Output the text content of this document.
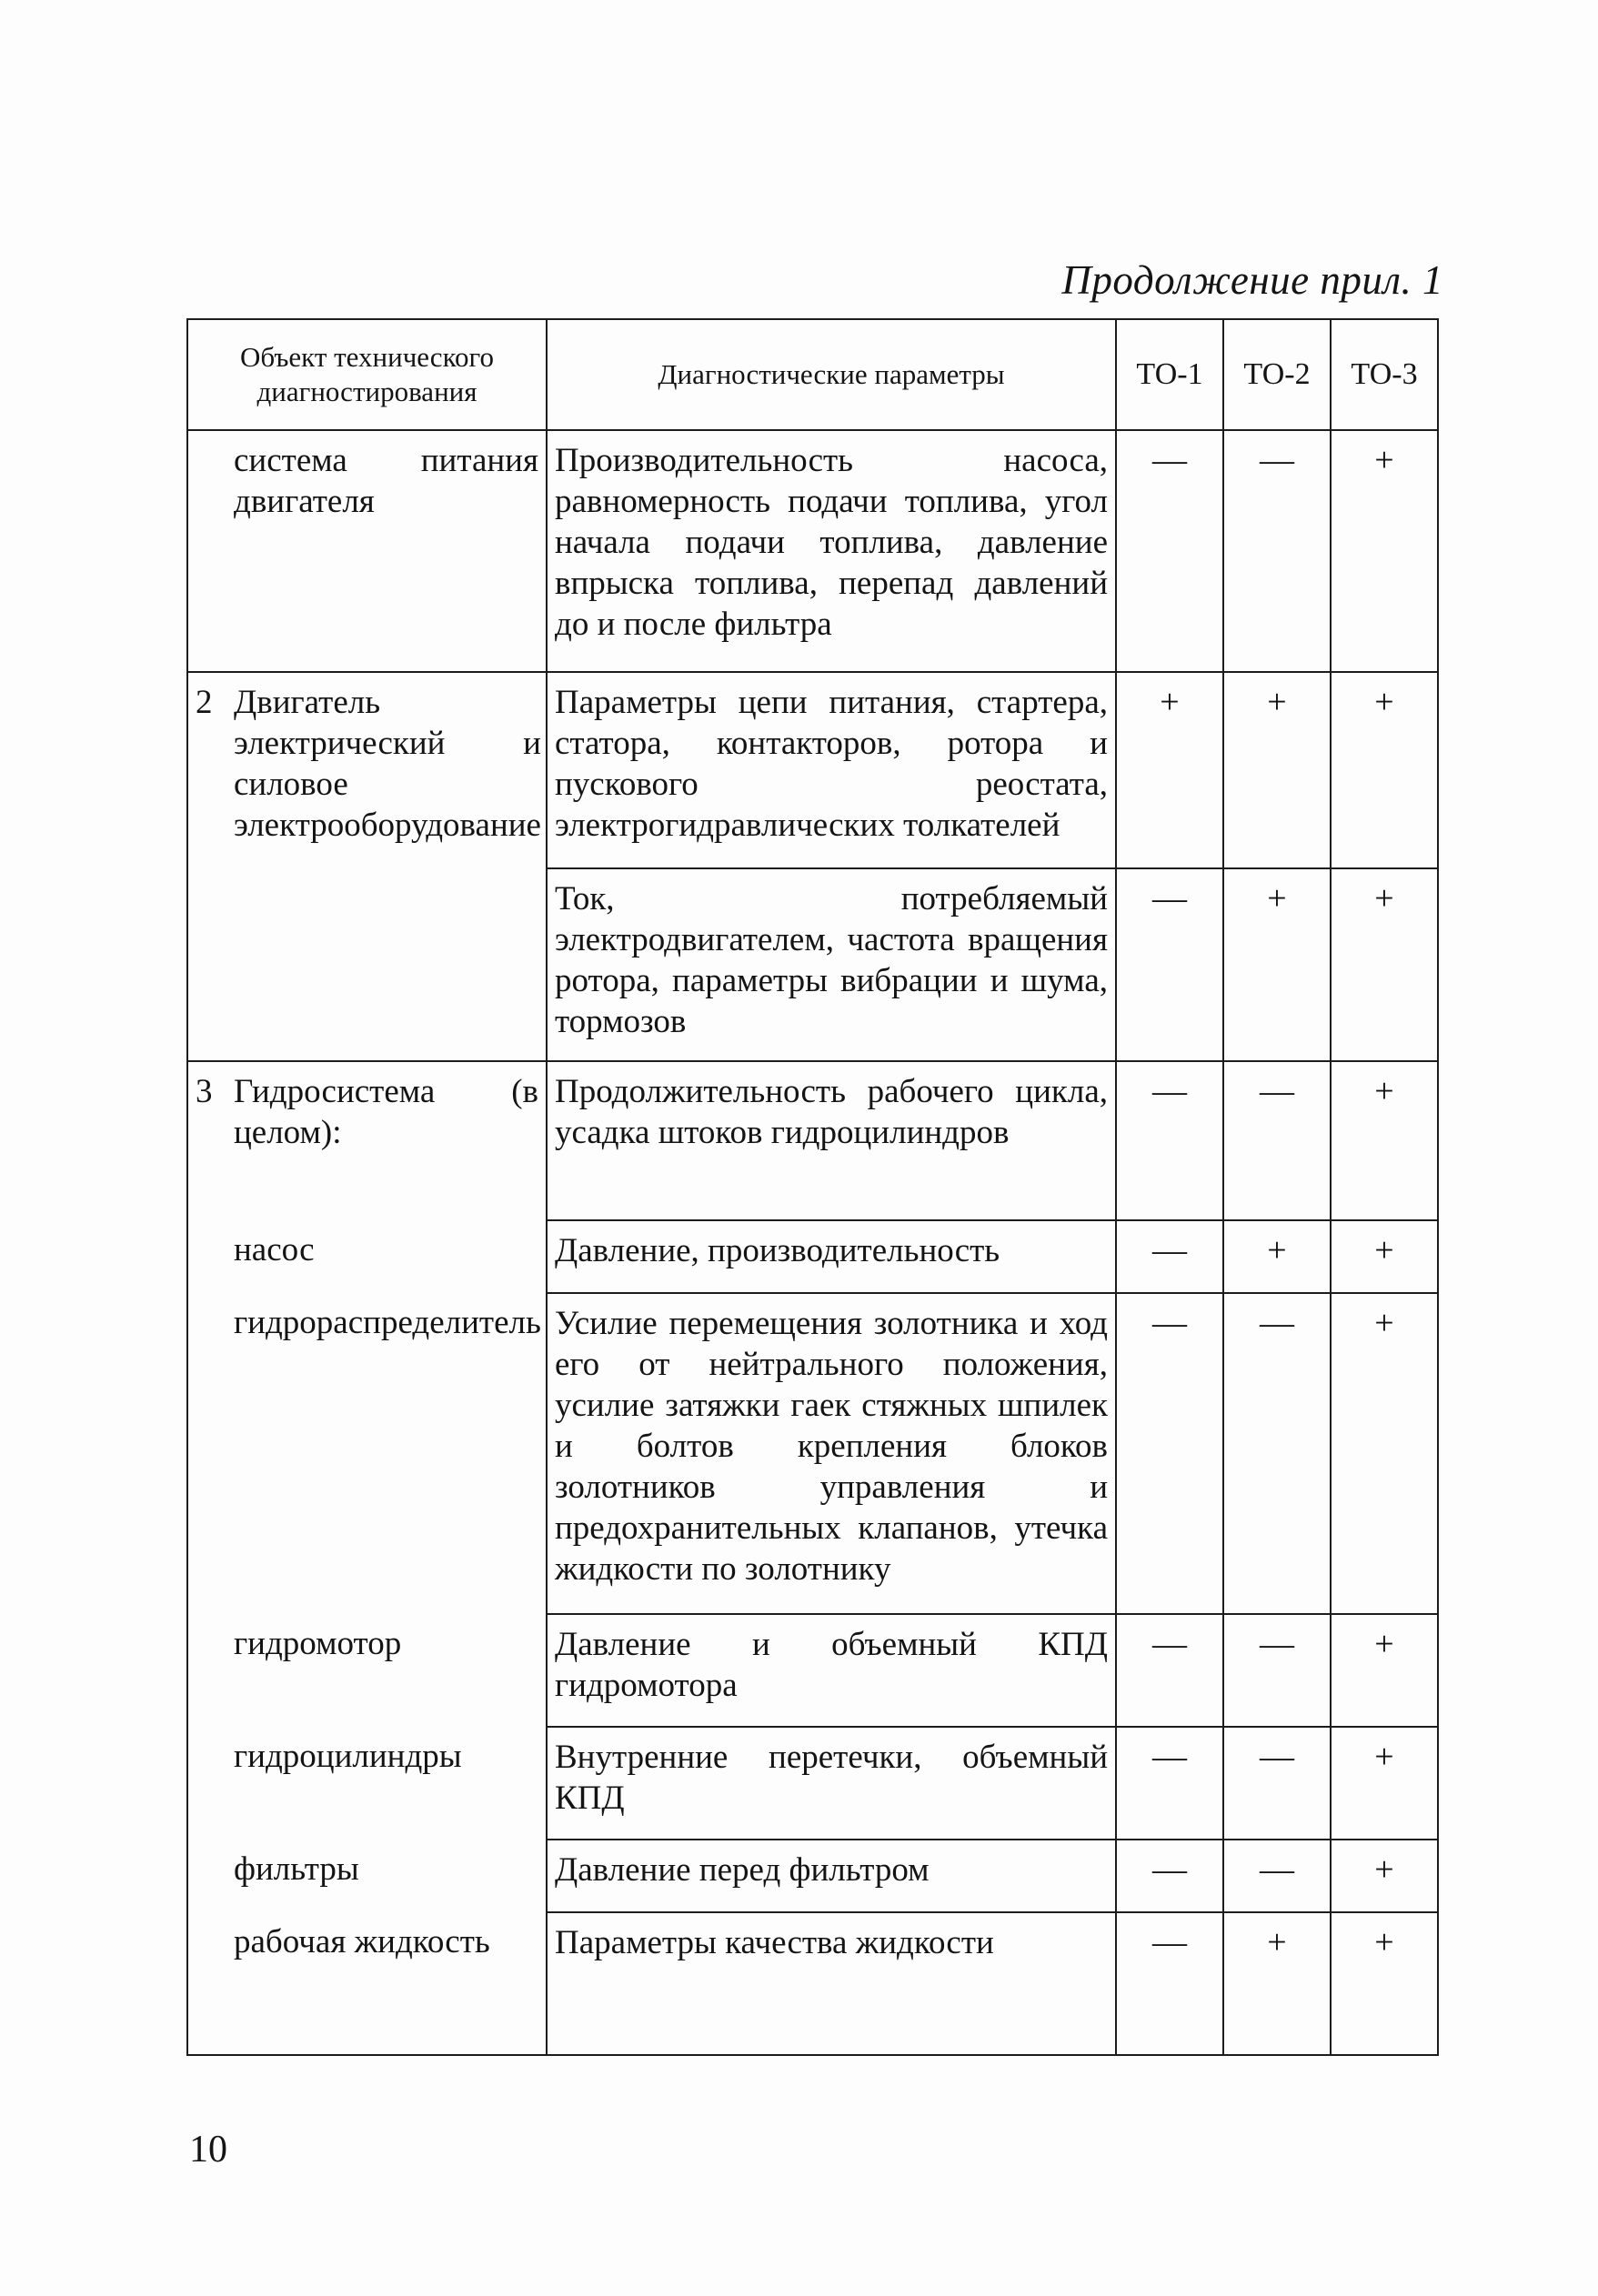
Продолжение прил. 1
Объект технического диагностирования	Диагностические параметры	ТО-1	ТО-2	ТО-3

система питания двигателя	Производительность насоса, равномерность подачи топлива, угол начала подачи топлива, давление впрыска топлива, перепад давлений до и после фильтра	—	—	+

2 Двигатель электрический и силовое электрооборудование	Параметры цепи питания, стартера, статора, контакторов, ротора и пускового реостата, электрогидравлических толкателей	+	+	+

	Ток, потребляемый электродвигателем, частота вращения ротора, параметры вибрации и шума, тормозов	—	+	+

3 Гидросистема (в целом):	Продолжительность рабочего цикла, усадка штоков гидроцилиндров	—	—	+

насос	Давление, производительность	—	+	+

гидрораспределитель	Усилие перемещения золотника и ход его от нейтрального положения, усилие затяжки гаек стяжных шпилек и болтов крепления блоков золотников управления и предохранительных клапанов, утечка жидкости по золотнику	—	—	+

гидромотор	Давление и объемный КПД гидромотора	—	—	+

гидроцилиндры	Внутренние перетечки, объемный КПД	—	—	+

фильтры	Давление перед фильтром	—	—	+

рабочая жидкость	Параметры качества жидкости	—	+	+
10
